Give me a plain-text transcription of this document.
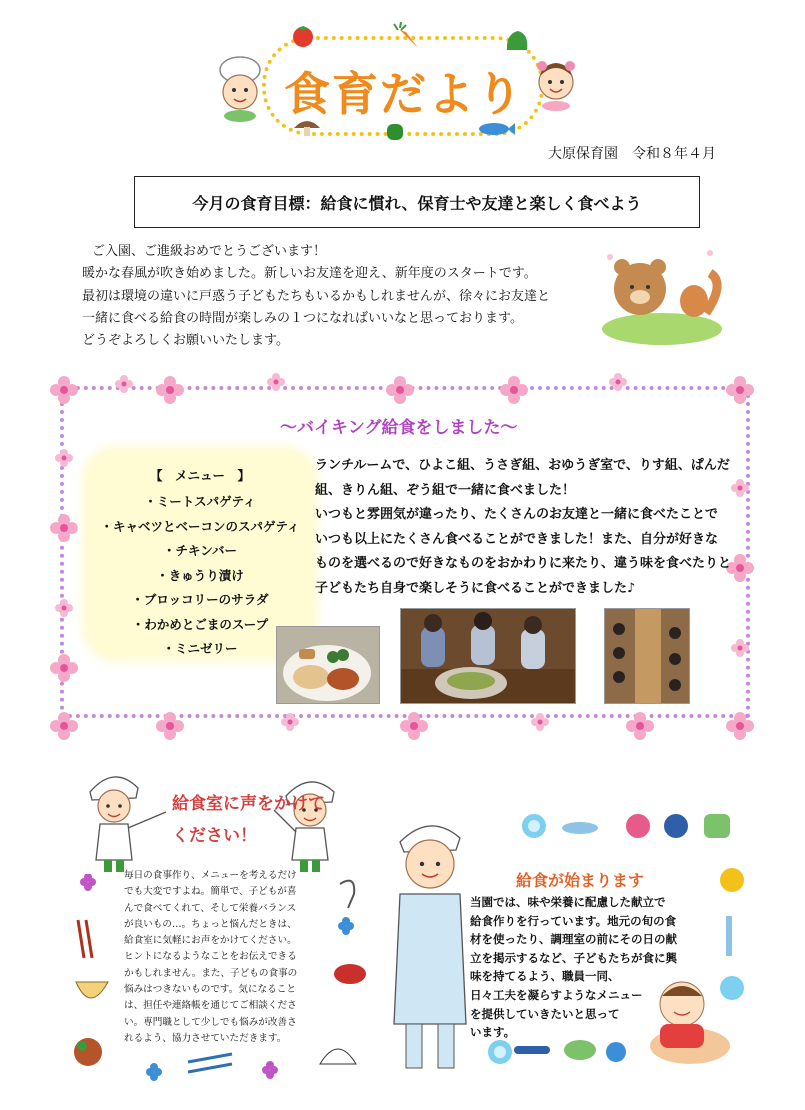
食育だより
大原保育園　 令和８年４月
今月の食育目標：給食に慣れ、保育士や友達と楽しく食べよう

ご入園、ご進級おめでとうございます！

暖かな春風が吹き始めました。新しいお友達を迎え、新年度のスタートです。

最初は環境の違いに戸惑う子どもたちもいるかもしれませんが、徐々にお友達と

一緒に食べる給食の時間が楽しみの１つになればいいなと思っております。

どうぞよろしくお願いいたします。

～バイキング給食をしました～
【　メニュー　】
・ミートスパゲティ
・キャベツとベーコンのスパゲティ
・チキンバー
・きゅうり漬け
・ブロッコリーのサラダ
・わかめとごまのスープ
・ミニゼリー

ランチルームで、ひよこ組、うさぎ組、おゆうぎ室で、りす組、ぱんだ

組、きりん組、ぞう組で一緒に食べました！

いつもと雰囲気が違ったり、たくさんのお友達と一緒に食べたことで

いつも以上にたくさん食べることができました！また、自分が好きな

ものを選べるので好きなものをおかわりに来たり、違う味を食べたりと

子どもたち自身で楽しそうに食べることができました♪

給食室に声をかけてください！
毎日の食事作り、メニューを考えるだけでも大変ですよね。簡単で、子どもが喜んで食べてくれて、そして栄養バランスが良いもの…。ちょっと悩んだときは、給食室に気軽にお声をかけてください。ヒントになるようなことをお伝えできるかもしれません。また、子どもの食事の悩みはつきないものです。気になることは、担任や連絡帳を通じてご相談ください。専門職として少しでも悩みが改善されるよう、協力させていただきます。
給食が始まります

当園では、味や栄養に配慮した献立で

給食作りを行っています。地元の旬の食

材を使ったり、調理室の前にその日の献

立を掲示するなど、子どもたちが食に興

味を持てるよう、職員一同、

日々工夫を凝らすようなメニュー

を提供していきたいと思って

います。
